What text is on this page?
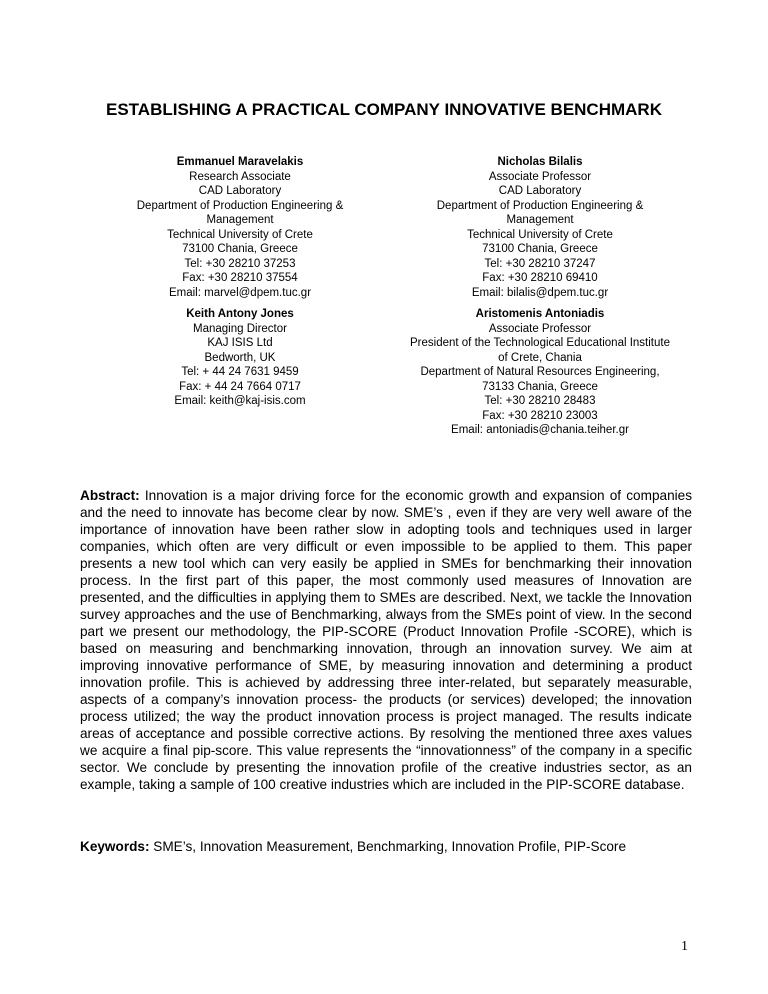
ESTABLISHING A PRACTICAL COMPANY INNOVATIVE BENCHMARK
Emmanuel Maravelakis
Research Associate
CAD Laboratory
Department of Production Engineering &
Management
Technical University of Crete
73100 Chania, Greece
Tel: +30 28210 37253
Fax: +30 28210 37554
Email: marvel@dpem.tuc.gr
Nicholas Bilalis
Associate Professor
CAD Laboratory
Department of Production Engineering &
Management
Technical University of Crete
73100 Chania, Greece
Tel: +30 28210 37247
Fax: +30 28210 69410
Email: bilalis@dpem.tuc.gr
Keith Antony Jones
Managing Director
KAJ ISIS Ltd
Bedworth, UK
Tel: + 44 24 7631 9459
Fax: + 44 24 7664 0717
Email: keith@kaj-isis.com
Aristomenis Antoniadis
Associate Professor
President of the Technological Educational Institute
of Crete, Chania
Department of Natural Resources Engineering,
73133 Chania, Greece
Tel: +30 28210 28483
Fax: +30 28210 23003
Email: antoniadis@chania.teiher.gr

Abstract: Innovation is a major driving force for the economic growth and expansion of companies and the need to innovate has become clear by now. SME’s , even if they are very well aware of the importance of innovation have been rather slow in adopting tools and techniques used in larger companies, which often are very difficult or even impossible to be applied to them. This paper presents a new tool which can very easily be applied in SMEs for benchmarking their innovation process. In the first part of this paper, the most commonly used measures of Innovation are presented, and the difficulties in applying them to SMEs are described. Next, we tackle the Innovation survey approaches and the use of Benchmarking, always from the SMEs point of view. In the second part we present our methodology, the PIP-SCORE (Product Innovation Profile -SCORE), which is based on measuring and benchmarking innovation, through an innovation survey. We aim at improving innovative performance of SME, by measuring innovation and determining a product innovation profile. This is achieved by addressing three inter-related, but separately measurable, aspects of a company’s innovation process- the products (or services) developed; the innovation process utilized; the way the product innovation process is project managed. The results indicate areas of acceptance and possible corrective actions. By resolving the mentioned three axes values we acquire a final pip-score. This value represents the “innovationness” of the company in a specific sector. We conclude by presenting the innovation profile of the creative industries sector, as an example, taking a sample of 100 creative industries which are included in the PIP-SCORE database.

Keywords: SME’s, Innovation Measurement, Benchmarking, Innovation Profile, PIP-Score

1
